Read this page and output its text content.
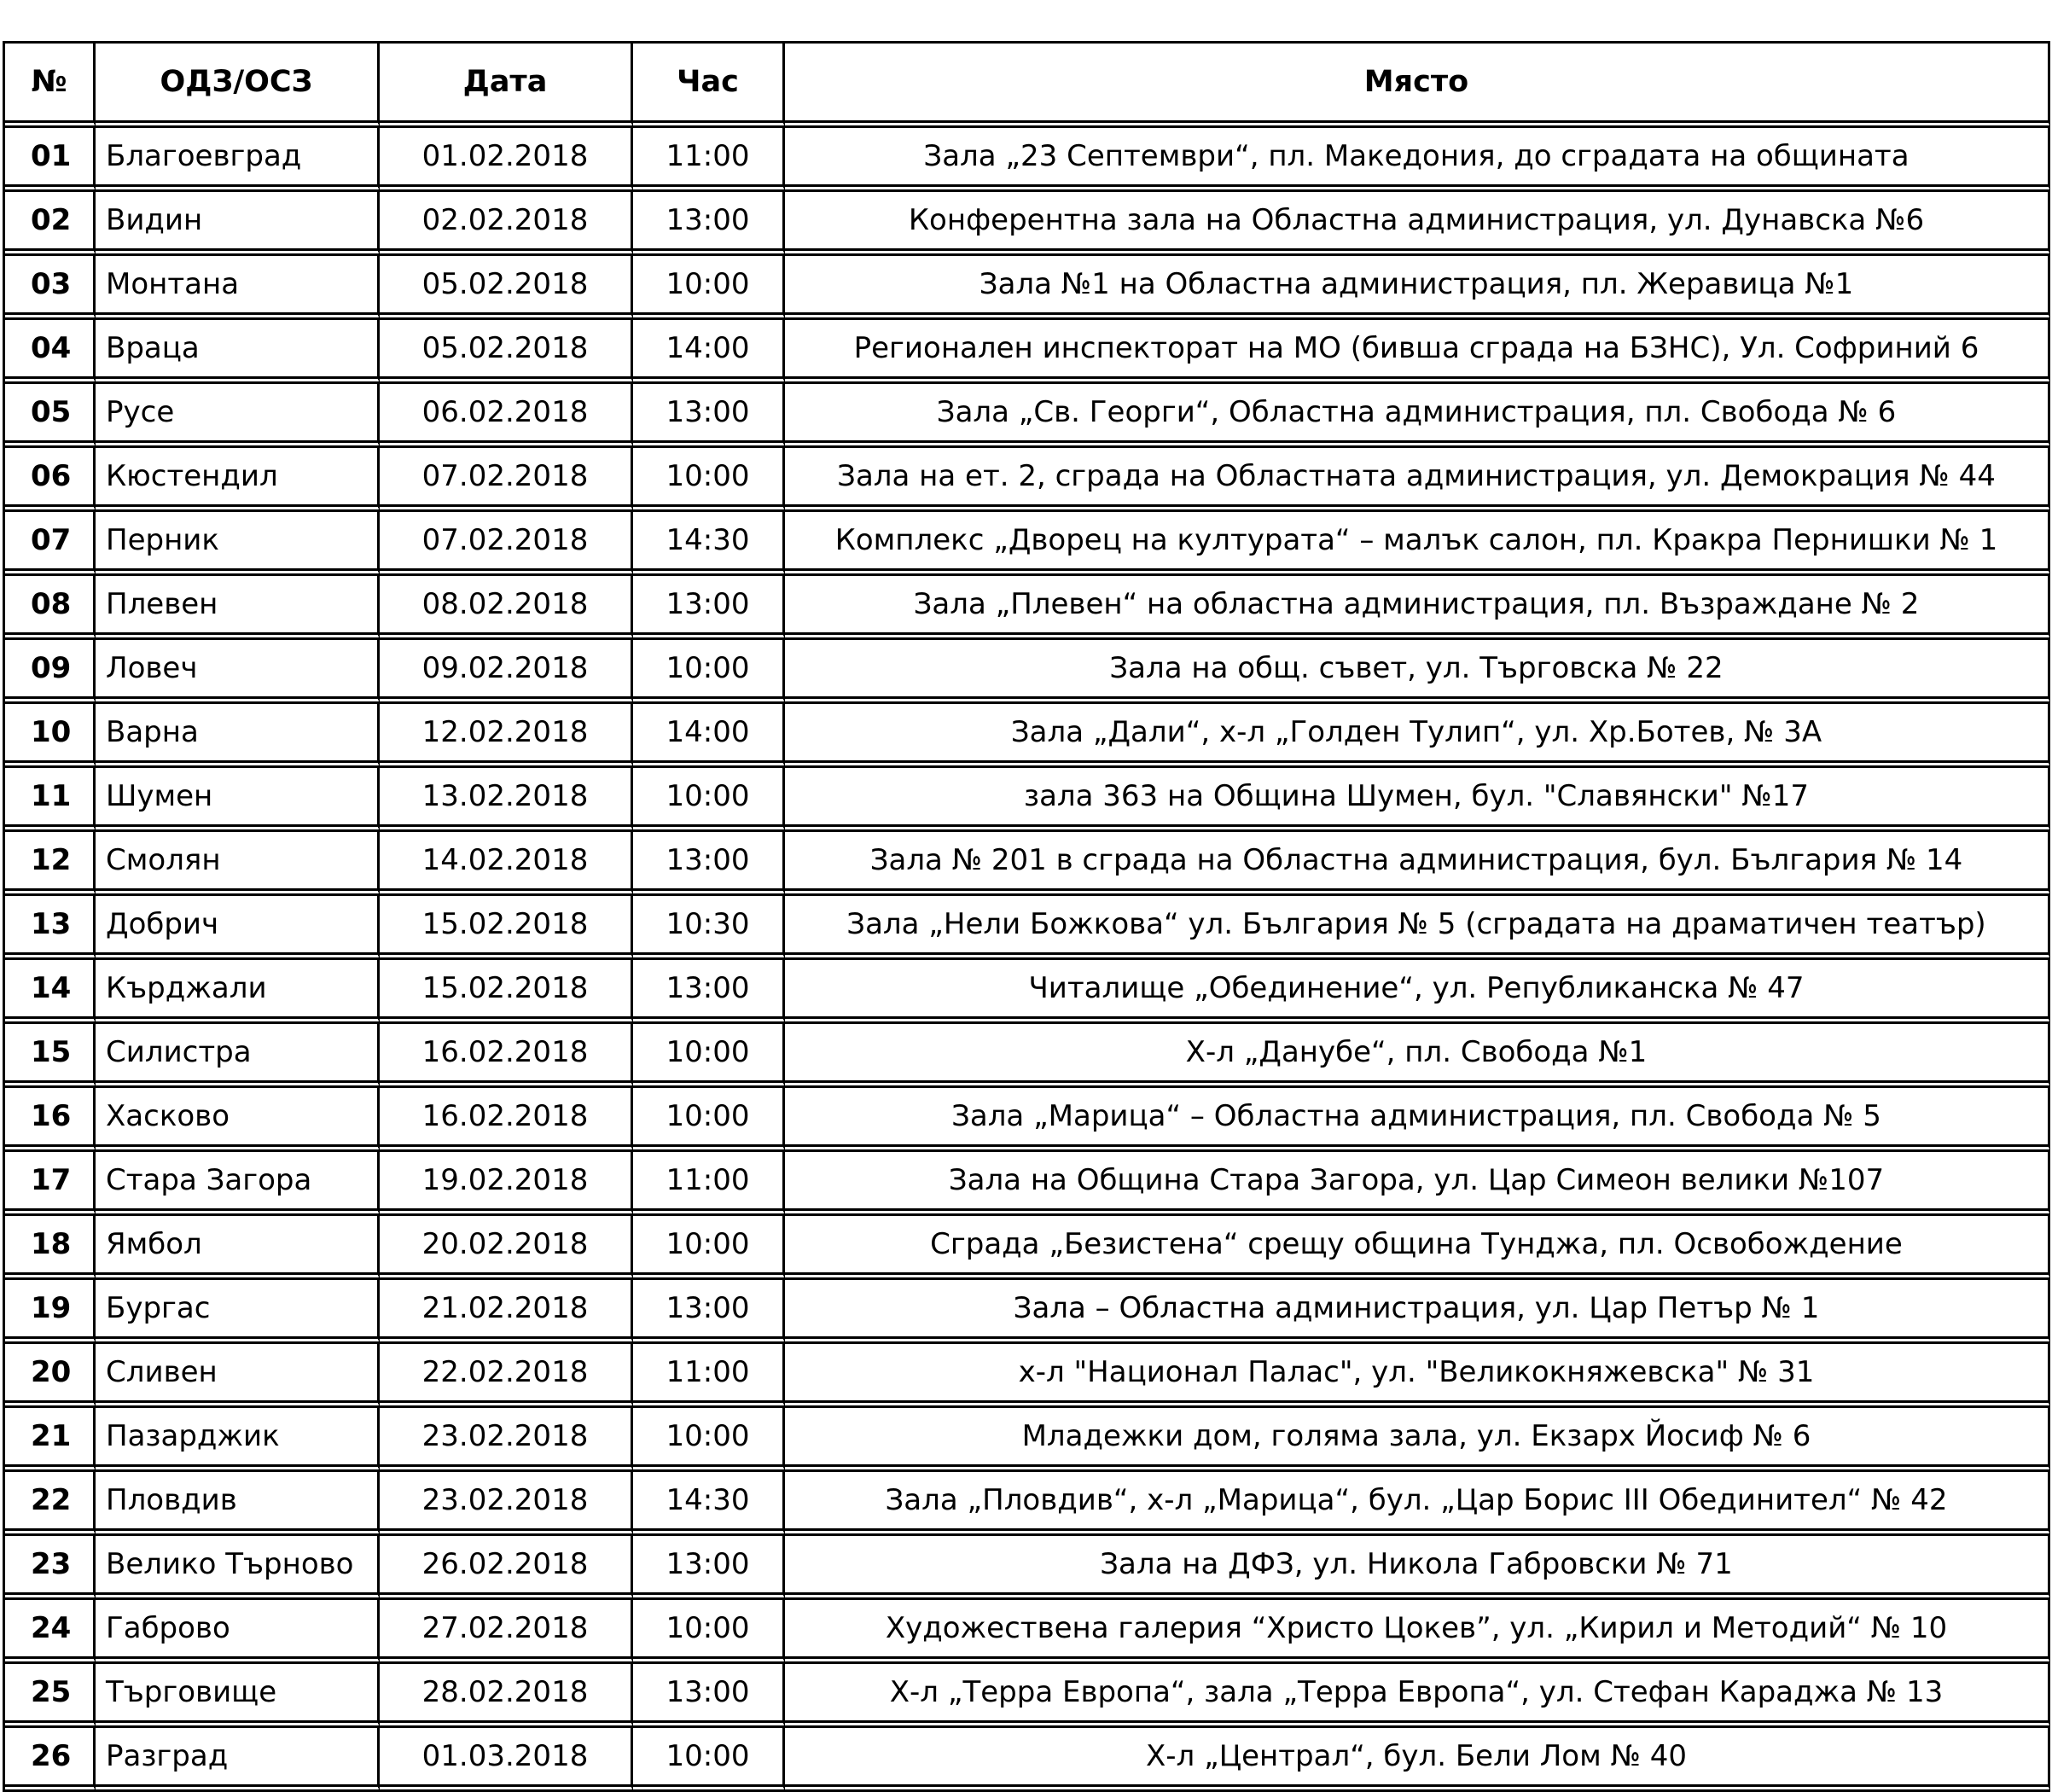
№	ОДЗ/ОСЗ	Дата	Час	Място
01	Благоевград	01.02.2018	11:00	Зала „23 Септември“, пл. Македония, до сградата на общината
02	Видин	02.02.2018	13:00	Конферентна зала на Областна администрация, ул. Дунавска №6
03	Монтана	05.02.2018	10:00	Зала №1 на Областна администрация, пл. Жеравица №1
04	Враца	05.02.2018	14:00	Регионален инспекторат на МО (бивша сграда на БЗНС), Ул. Софриний 6
05	Русе	06.02.2018	13:00	Зала „Св. Георги“, Областна администрация, пл. Свобода № 6
06	Кюстендил	07.02.2018	10:00	Зала на ет. 2, сграда на Областната администрация, ул. Демокрация № 44
07	Перник	07.02.2018	14:30	Комплекс „Дворец на културата“ – малък салон, пл. Кракра Пернишки № 1
08	Плевен	08.02.2018	13:00	Зала „Плевен“ на областна администрация, пл. Възраждане № 2
09	Ловеч	09.02.2018	10:00	Зала на общ. съвет, ул. Търговска № 22
10	Варна	12.02.2018	14:00	Зала „Дали“, х-л „Голден Тулип“, ул. Хр.Ботев, № 3А
11	Шумен	13.02.2018	10:00	зала 363 на Община Шумен, бул. "Славянски" №17
12	Смолян	14.02.2018	13:00	Зала № 201 в сграда на Областна администрация, бул. България № 14
13	Добрич	15.02.2018	10:30	Зала „Нели Божкова“ ул. България № 5 (сградата на драматичен театър)
14	Кърджали	15.02.2018	13:00	Читалище „Обединение“, ул. Републиканска № 47
15	Силистра	16.02.2018	10:00	Х-л „Данубе“, пл. Свобода №1
16	Хасково	16.02.2018	10:00	Зала „Марица“ – Областна администрация, пл. Свобода № 5
17	Стара Загора	19.02.2018	11:00	Зала на Община Стара Загора, ул. Цар Симеон велики №107
18	Ямбол	20.02.2018	10:00	Сграда „Безистена“ срещу община Тунджа, пл. Освобождение
19	Бургас	21.02.2018	13:00	Зала – Областна администрация, ул. Цар Петър № 1
20	Сливен	22.02.2018	11:00	х-л "Национал Палас", ул. "Великокняжевска" № 31
21	Пазарджик	23.02.2018	10:00	Младежки дом, голяма зала, ул. Екзарх Йосиф № 6
22	Пловдив	23.02.2018	14:30	Зала „Пловдив“, х-л „Марица“, бул. „Цар Борис III Обединител“ № 42
23	Велико Търново	26.02.2018	13:00	Зала на ДФЗ, ул. Никола Габровски № 71
24	Габрово	27.02.2018	10:00	Художествена галерия “Христо Цокев”, ул. „Кирил и Методий“ № 10
25	Търговище	28.02.2018	13:00	Х-л „Терра Европа“, зала „Терра Европа“, ул. Стефан Караджа № 13
26	Разград	01.03.2018	10:00	Х-л „Централ“, бул. Бели Лом № 40
